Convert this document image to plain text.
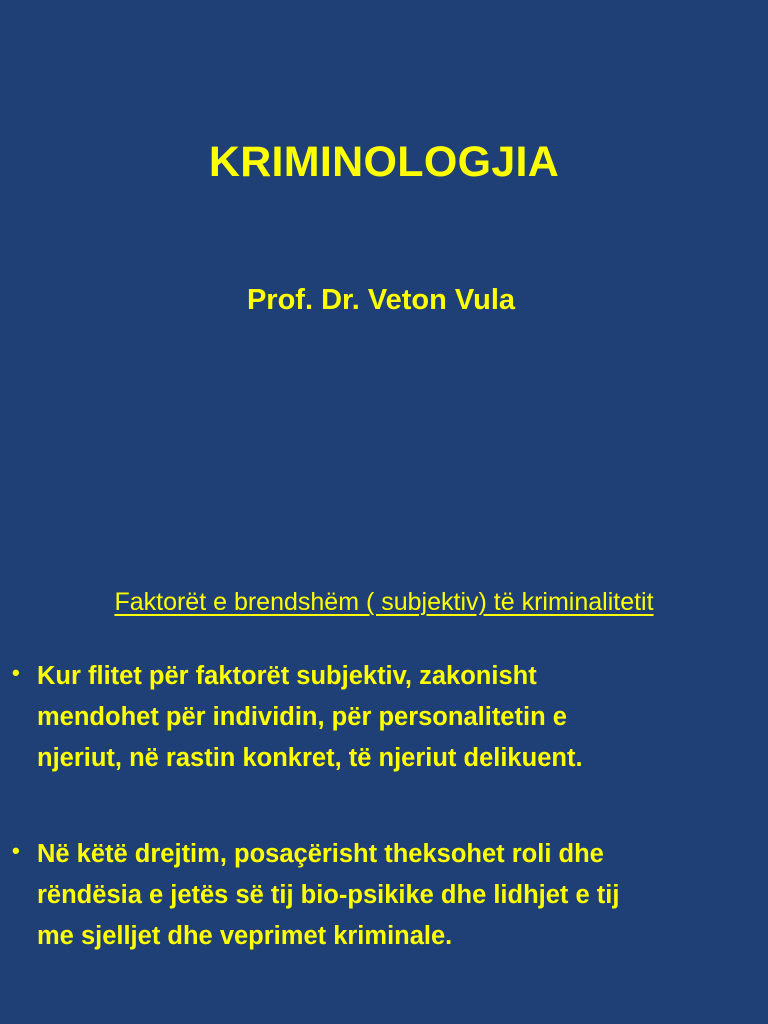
KRIMINOLOGJIA
Prof. Dr. Veton Vula
Faktorët e brendshëm ( subjektiv) të kriminalitetit
• Kur flitet për faktorët subjektiv, zakonisht
mendohet për individin, për personalitetin e
njeriut, në rastin konkret, të njeriut delikuent.
• Në këtë drejtim, posaçërisht theksohet roli dhe
rëndësia e jetës së tij bio-psikike dhe lidhjet e tij
me sjelljet dhe veprimet kriminale.
